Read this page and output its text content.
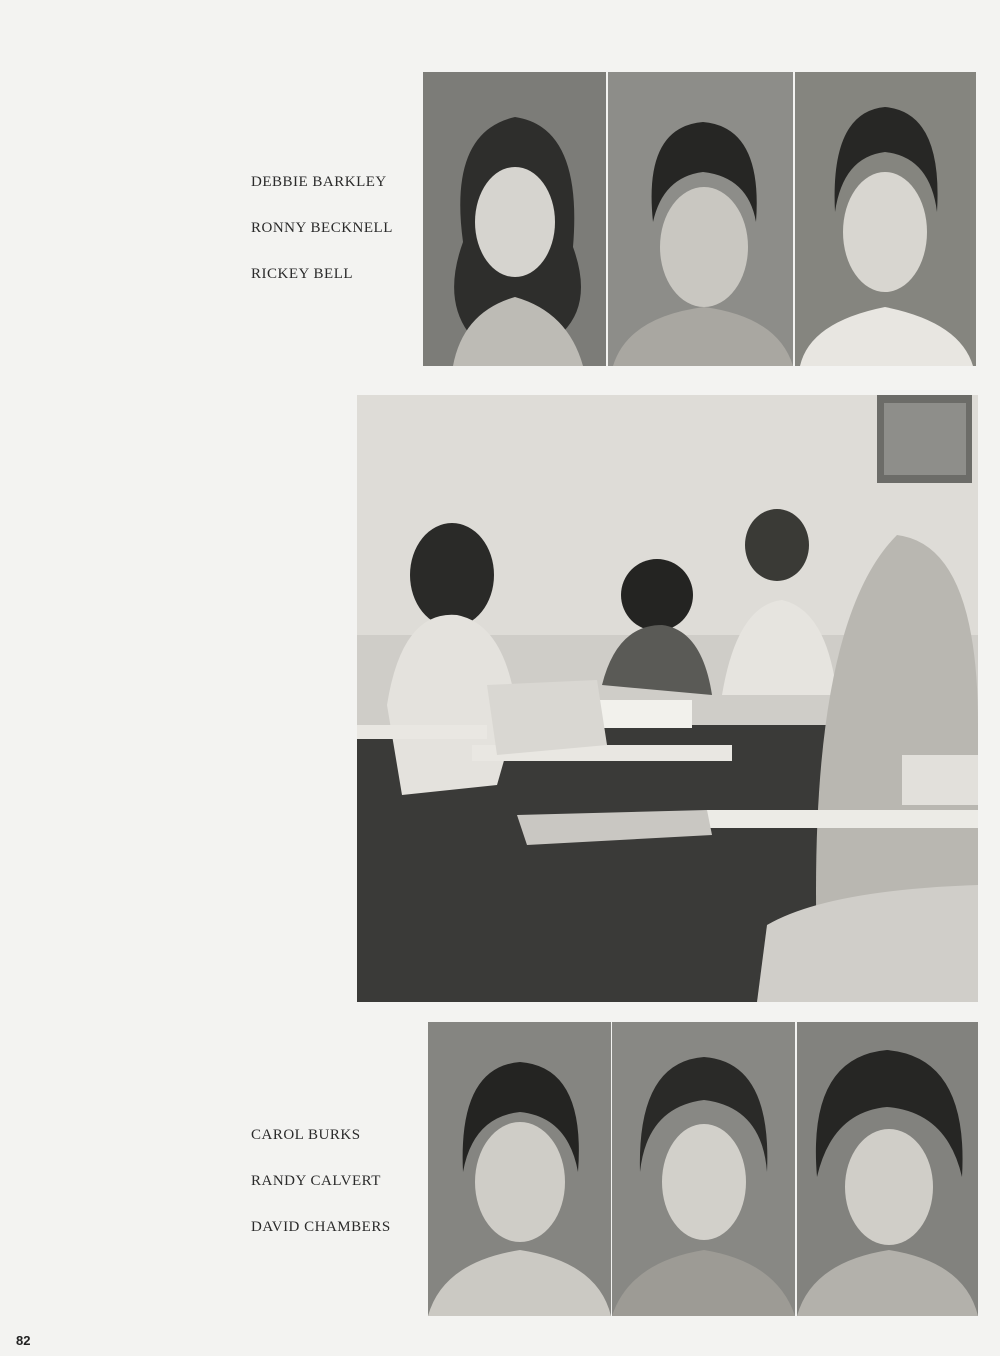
DEBBIE BARKLEY
RONNY BECKNELL
RICKEY BELL
CAROL BURKS
RANDY CALVERT
DAVID CHAMBERS
82
